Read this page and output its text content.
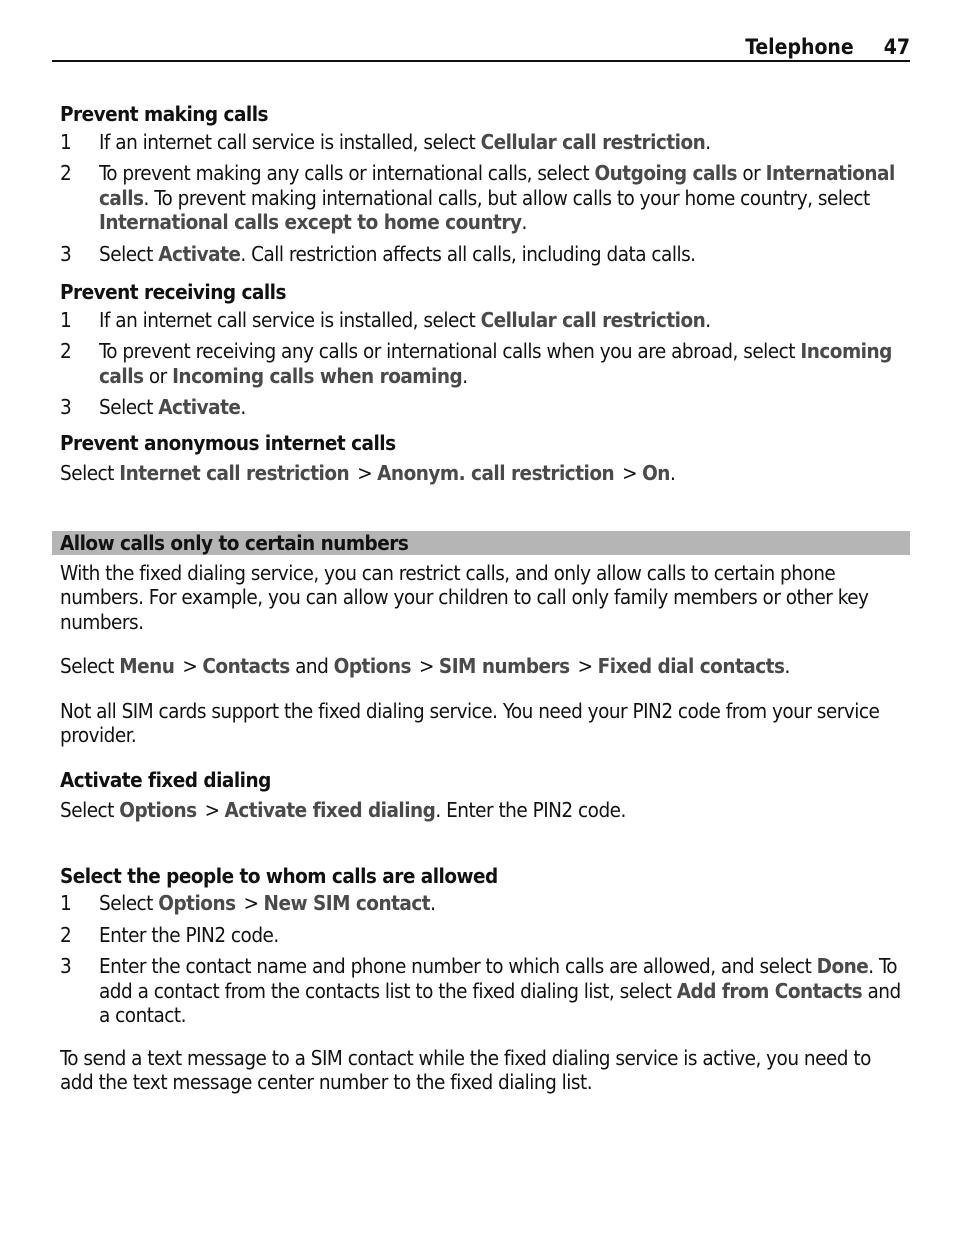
Telephone 47

Prevent making calls

1	If an internet call service is installed, select Cellular call restriction.
2	To prevent making any calls or international calls, select Outgoing calls or International calls. To prevent making international calls, but allow calls to your home country, select International calls except to home country.
3	Select Activate. Call restriction affects all calls, including data calls.

Prevent receiving calls

1	If an internet call service is installed, select Cellular call restriction.
2	To prevent receiving any calls or international calls when you are abroad, select Incoming calls or Incoming calls when roaming.
3	Select Activate.

Prevent anonymous internet calls

Select Internet call restriction > Anonym. call restriction > On.

Allow calls only to certain numbers

With the fixed dialing service, you can restrict calls, and only allow calls to certain phone numbers. For example, you can allow your children to call only family members or other key numbers.

Select Menu > Contacts and Options > SIM numbers > Fixed dial contacts.

Not all SIM cards support the fixed dialing service. You need your PIN2 code from your service provider.

Activate fixed dialing

Select Options > Activate fixed dialing. Enter the PIN2 code.

Select the people to whom calls are allowed

1	Select Options > New SIM contact.
2	Enter the PIN2 code.
3	Enter the contact name and phone number to which calls are allowed, and select Done. To add a contact from the contacts list to the fixed dialing list, select Add from Contacts and a contact.

To send a text message to a SIM contact while the fixed dialing service is active, you need to add the text message center number to the fixed dialing list.
